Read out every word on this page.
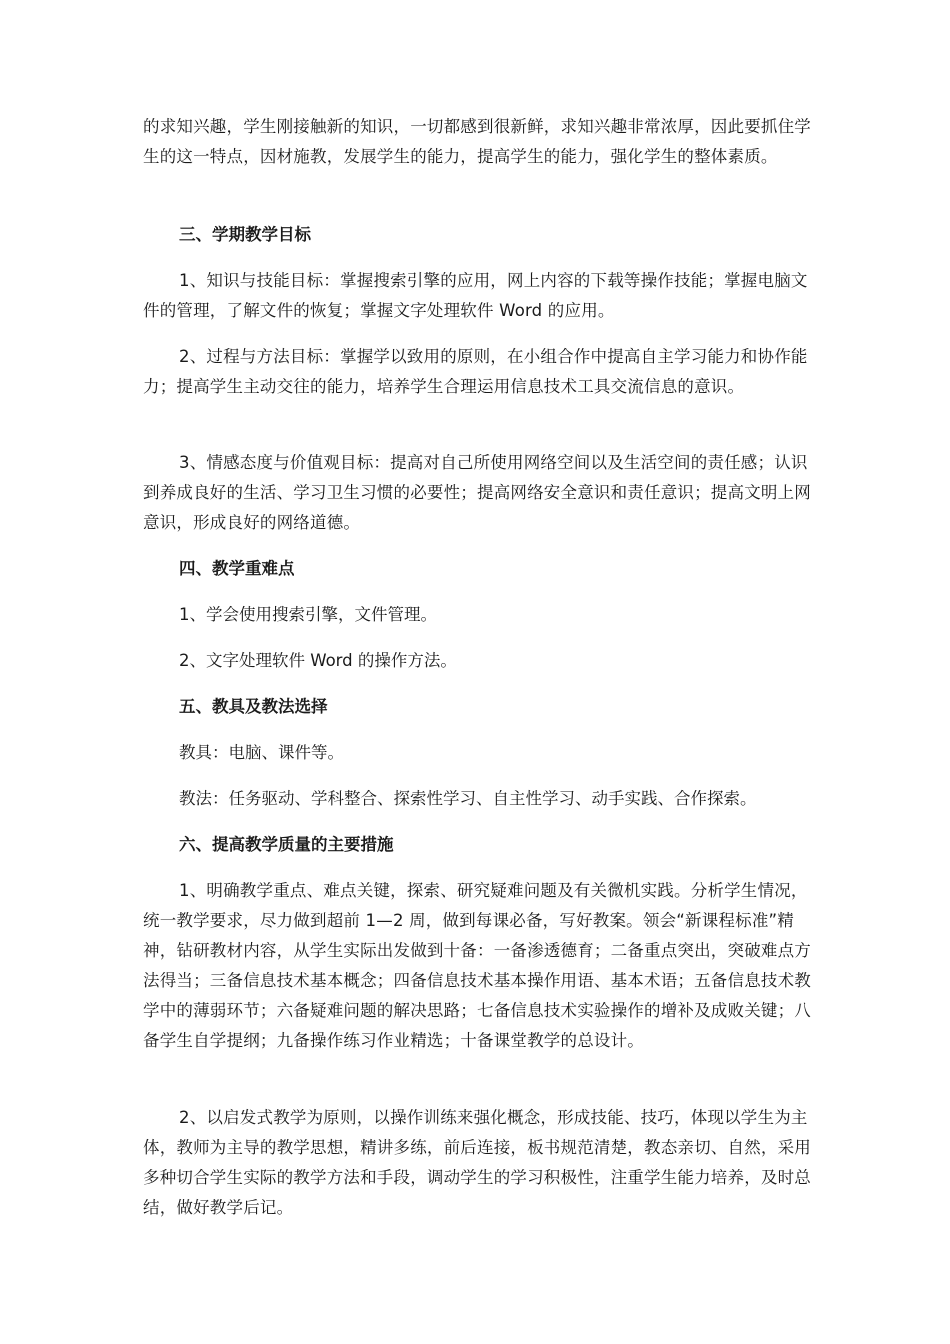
的求知兴趣，学生刚接触新的知识，一切都感到很新鲜，求知兴趣非常浓厚，因此要抓住学生的这一特点，因材施教，发展学生的能力，提高学生的能力，强化学生的整体素质。

三、学期教学目标

1、知识与技能目标：掌握搜索引擎的应用，网上内容的下载等操作技能；掌握电脑文件的管理，了解文件的恢复；掌握文字处理软件 Word 的应用。

2、过程与方法目标：掌握学以致用的原则，在小组合作中提高自主学习能力和协作能力；提高学生主动交往的能力，培养学生合理运用信息技术工具交流信息的意识。

3、情感态度与价值观目标：提高对自己所使用网络空间以及生活空间的责任感；认识到养成良好的生活、学习卫生习惯的必要性；提高网络安全意识和责任意识；提高文明上网意识，形成良好的网络道德。

四、教学重难点

1、学会使用搜索引擎，文件管理。

2、文字处理软件 Word 的操作方法。

五、教具及教法选择

教具：电脑、课件等。

教法：任务驱动、学科整合、探索性学习、自主性学习、动手实践、合作探索。

六、提高教学质量的主要措施

1、明确教学重点、难点关键，探索、研究疑难问题及有关微机实践。分析学生情况，统一教学要求，尽力做到超前 1—2 周，做到每课必备，写好教案。领会“新课程标准”精神，钻研教材内容，从学生实际出发做到十备：一备渗透德育；二备重点突出，突破难点方法得当；三备信息技术基本概念；四备信息技术基本操作用语、基本术语；五备信息技术教学中的薄弱环节；六备疑难问题的解决思路；七备信息技术实验操作的增补及成败关键；八备学生自学提纲；九备操作练习作业精选；十备课堂教学的总设计。

2、以启发式教学为原则，以操作训练来强化概念，形成技能、技巧，体现以学生为主体，教师为主导的教学思想，精讲多练，前后连接，板书规范清楚，教态亲切、自然，采用多种切合学生实际的教学方法和手段，调动学生的学习积极性，注重学生能力培养，及时总结，做好教学后记。
